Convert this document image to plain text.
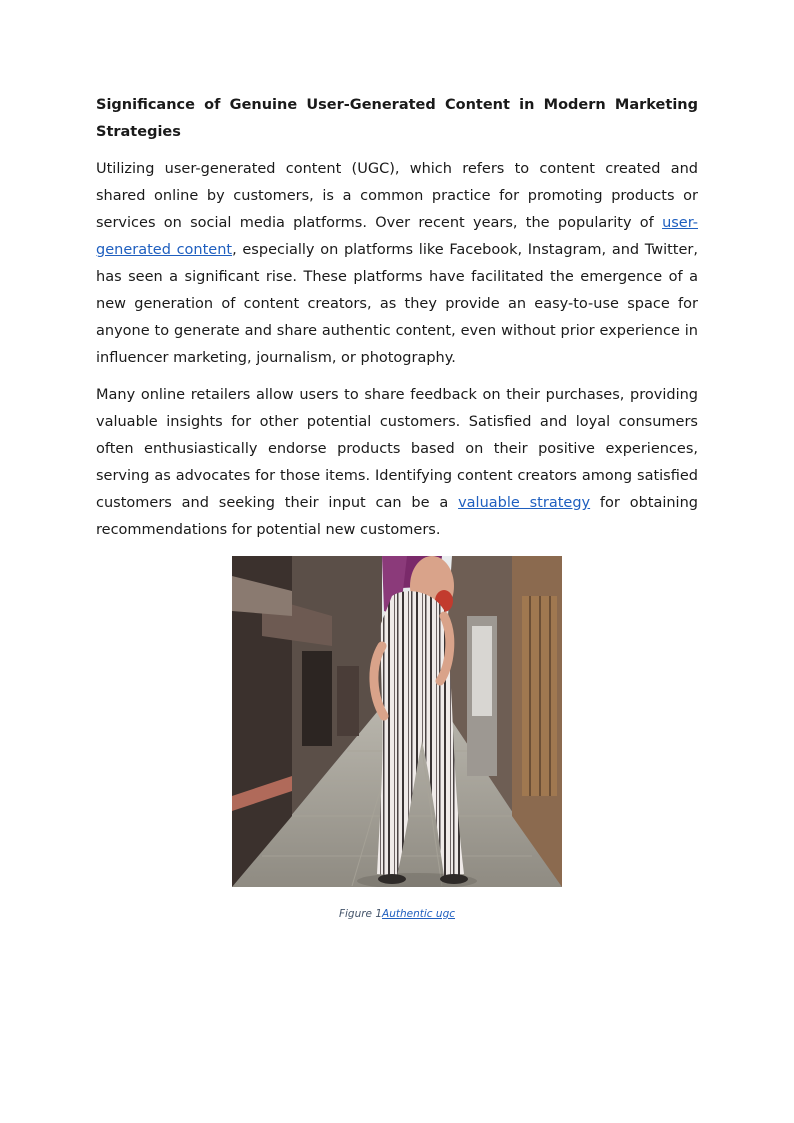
Significance of Genuine User-Generated Content in Modern Marketing Strategies

Utilizing user-generated content (UGC), which refers to content created and shared online by customers, is a common practice for promoting products or services on social media platforms. Over recent years, the popularity of user-generated content, especially on platforms like Facebook, Instagram, and Twitter, has seen a significant rise. These platforms have facilitated the emergence of a new generation of content creators, as they provide an easy-to-use space for anyone to generate and share authentic content, even without prior experience in influencer marketing, journalism, or photography.

Many online retailers allow users to share feedback on their purchases, providing valuable insights for other potential customers. Satisfied and loyal consumers often enthusiastically endorse products based on their positive experiences, serving as advocates for those items. Identifying content creators among satisfied customers and seeking their input can be a valuable strategy for obtaining recommendations for potential new customers.

Figure 1Authentic ugc
